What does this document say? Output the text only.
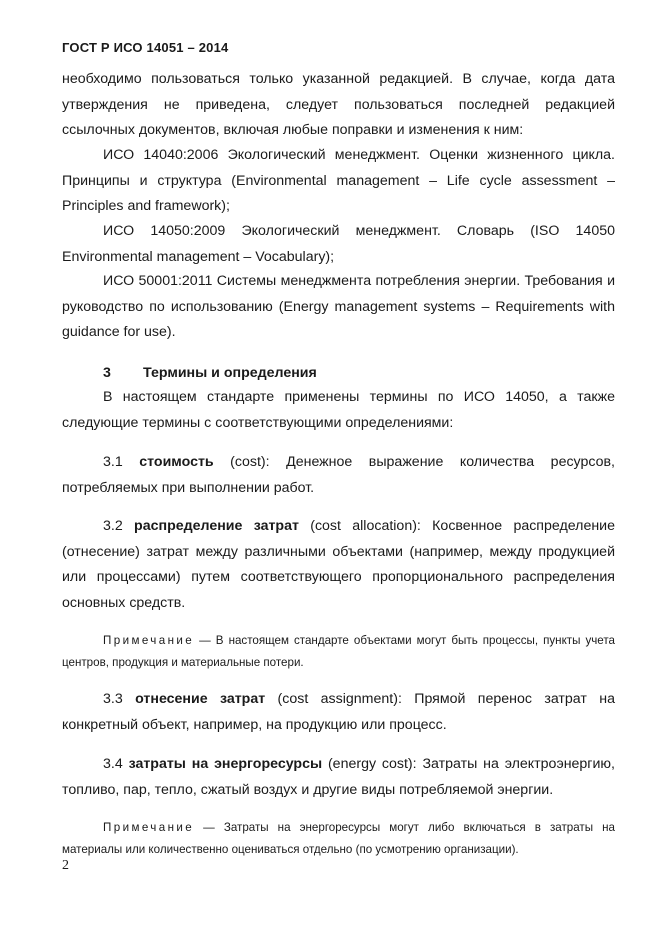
ГОСТ Р ИСО 14051 – 2014
необходимо пользоваться только указанной редакцией. В случае, когда дата утверждения не приведена, следует пользоваться последней редакцией ссылочных документов, включая любые поправки и изменения к ним:
ИСО 14040:2006 Экологический менеджмент. Оценки жизненного цикла. Принципы и структура (Environmental management – Life cycle assessment – Principles and framework);
ИСО 14050:2009 Экологический менеджмент. Словарь (ISO 14050 Environmental management – Vocabulary);
ИСО 50001:2011 Системы менеджмента потребления энергии. Требования и руководство по использованию (Energy management systems – Requirements with guidance for use).
3 Термины и определения
В настоящем стандарте применены термины по ИСО 14050, а также следующие термины с соответствующими определениями:
3.1 стоимость (cost): Денежное выражение количества ресурсов, потребляемых при выполнении работ.
3.2 распределение затрат (cost allocation): Косвенное распределение (отнесение) затрат между различными объектами (например, между продукцией или процессами) путем соответствующего пропорционального распределения основных средств.
Примечание — В настоящем стандарте объектами могут быть процессы, пункты учета центров, продукция и материальные потери.
3.3 отнесение затрат (cost assignment): Прямой перенос затрат на конкретный объект, например, на продукцию или процесс.
3.4 затраты на энергоресурсы (energy cost): Затраты на электроэнергию, топливо, пар, тепло, сжатый воздух и другие виды потребляемой энергии.
Примечание — Затраты на энергоресурсы могут либо включаться в затраты на материалы или количественно оцениваться отдельно (по усмотрению организации).
2
